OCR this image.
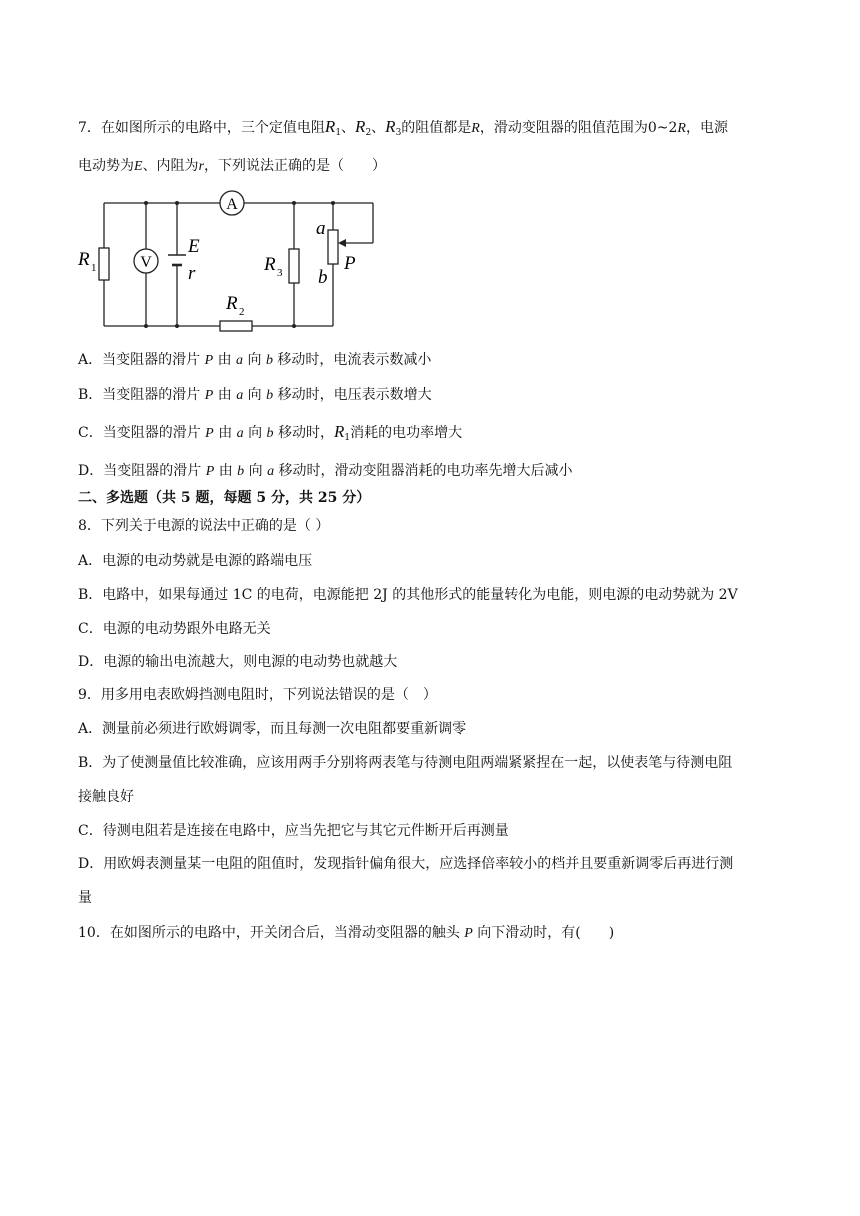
7．在如图所示的电路中，三个定值电阻$R_1$、$R_2$、$R_3$的阻值都是R，滑动变阻器的阻值范围为0~2R，电源
电动势为E、内阻为r，下列说法正确的是（　　）
A
V
R 1
E
r	R 3
R 2
a
b
P
A．当变阻器的滑片 P 由 a 向 b 移动时，电流表示数减小
B．当变阻器的滑片 P 由 a 向 b 移动时，电压表示数增大
C．当变阻器的滑片 P 由 a 向 b 移动时，$R_1$消耗的电功率增大
D．当变阻器的滑片 P 由 b 向 a 移动时，滑动变阻器消耗的电功率先增大后减小
二、多选题（共 5 题，每题 5 分，共 25 分）
8．下列关于电源的说法中正确的是（ ）
A．电源的电动势就是电源的路端电压
B．电路中，如果每通过 1C 的电荷，电源能把 2J 的其他形式的能量转化为电能，则电源的电动势就为 2V
C．电源的电动势跟外电路无关
D．电源的输出电流越大，则电源的电动势也就越大
9．用多用电表欧姆挡测电阻时，下列说法错误的是（　）
A．测量前必须进行欧姆调零，而且每测一次电阻都要重新调零
B．为了使测量值比较准确，应该用两手分别将两表笔与待测电阻两端紧紧捏在一起，以使表笔与待测电阻
接触良好
C．待测电阻若是连接在电路中，应当先把它与其它元件断开后再测量
D．用欧姆表测量某一电阻的阻值时，发现指针偏角很大，应选择倍率较小的档并且要重新调零后再进行测
量
10．在如图所示的电路中，开关闭合后，当滑动变阻器的触头 P 向下滑动时，有(　　)
